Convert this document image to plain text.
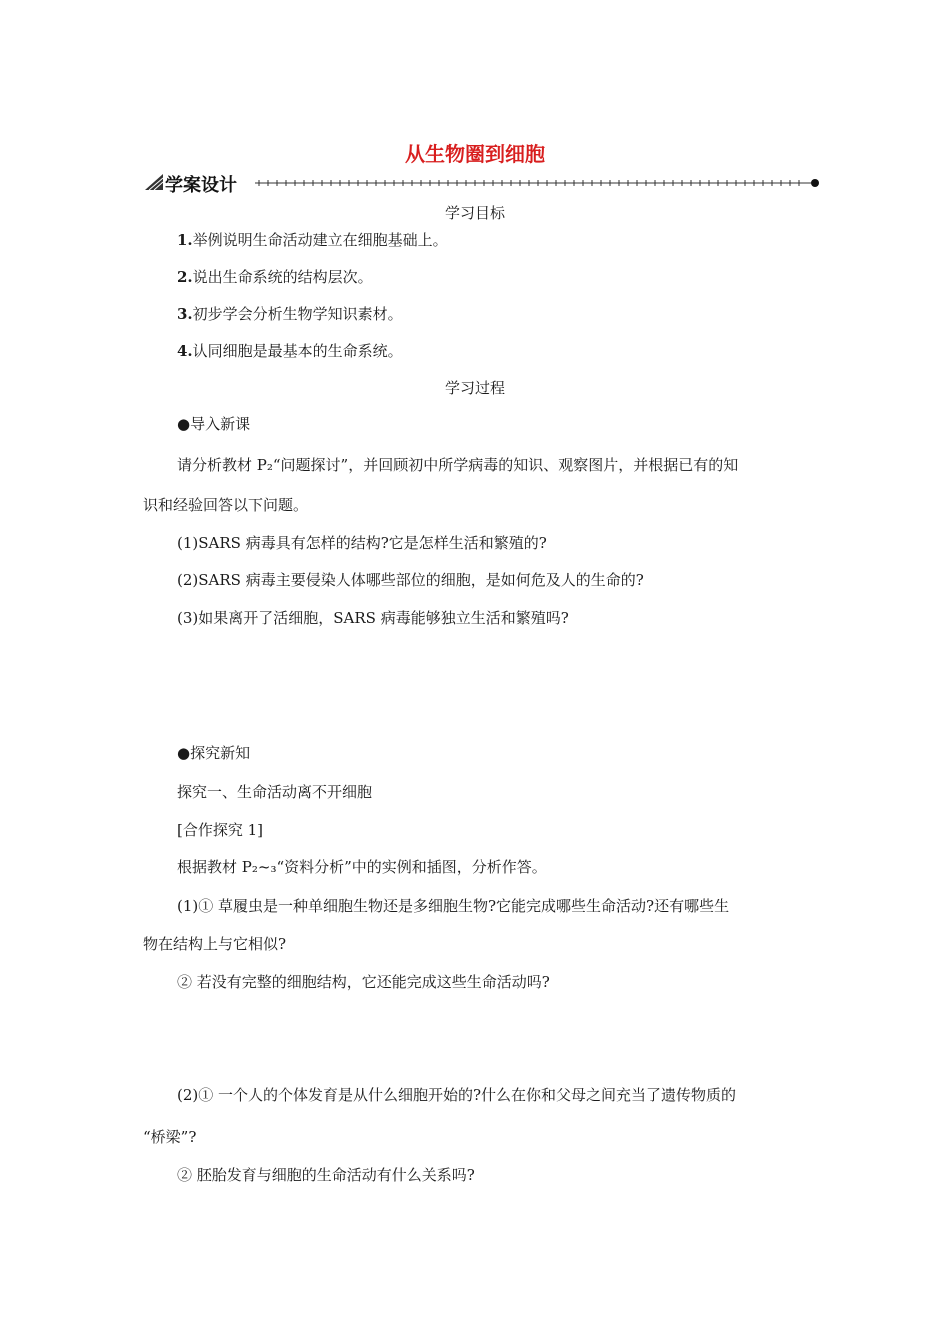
从生物圈到细胞
学案设计
学习目标
1.举例说明生命活动建立在细胞基础上。
2.说出生命系统的结构层次。
3.初步学会分析生物学知识素材。
4.认同细胞是最基本的生命系统。
学习过程
●导入新课
请分析教材 P₂“问题探讨”，并回顾初中所学病毒的知识、观察图片，并根据已有的知
识和经验回答以下问题。
(1)SARS 病毒具有怎样的结构?它是怎样生活和繁殖的?
(2)SARS 病毒主要侵染人体哪些部位的细胞，是如何危及人的生命的?
(3)如果离开了活细胞，SARS 病毒能够独立生活和繁殖吗?
●探究新知
探究一、生命活动离不开细胞
[合作探究 1]
根据教材 P₂~₃“资料分析”中的实例和插图，分析作答。
(1)① 草履虫是一种单细胞生物还是多细胞生物?它能完成哪些生命活动?还有哪些生
物在结构上与它相似?
② 若没有完整的细胞结构，它还能完成这些生命活动吗?
(2)① 一个人的个体发育是从什么细胞开始的?什么在你和父母之间充当了遗传物质的
“桥梁”?
② 胚胎发育与细胞的生命活动有什么关系吗?
